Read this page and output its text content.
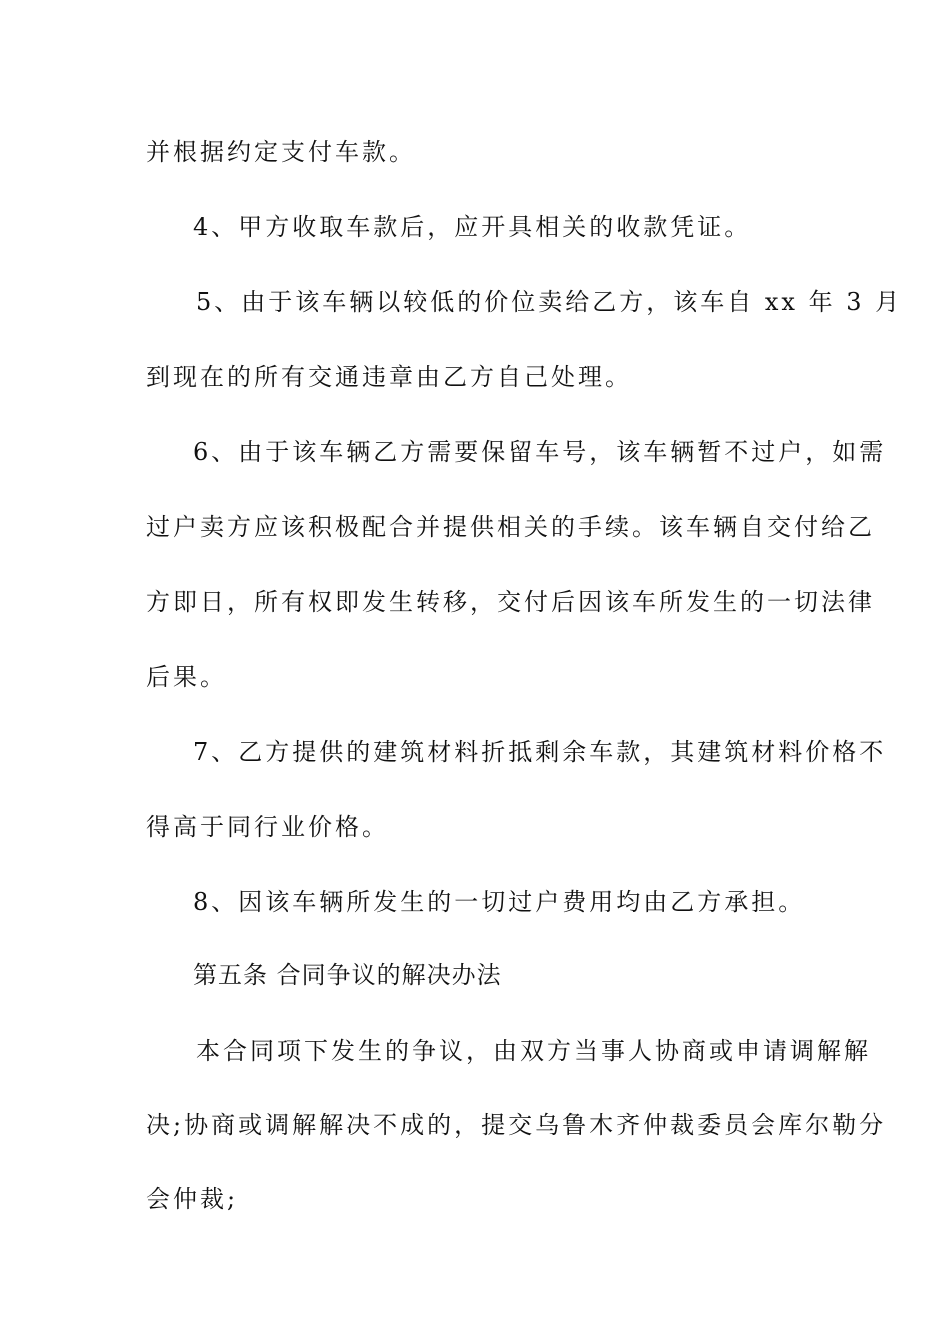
并根据约定支付车款。
4、甲方收取车款后，应开具相关的收款凭证。
5、由于该车辆以较低的价位卖给乙方，该车自 xx 年 3 月
到现在的所有交通违章由乙方自己处理。
6、由于该车辆乙方需要保留车号，该车辆暂不过户，如需
过户卖方应该积极配合并提供相关的手续。该车辆自交付给乙
方即日，所有权即发生转移，交付后因该车所发生的一切法律
后果。
7、乙方提供的建筑材料折抵剩余车款，其建筑材料价格不
得高于同行业价格。
8、因该车辆所发生的一切过户费用均由乙方承担。
第五条 合同争议的解决办法
本合同项下发生的争议，由双方当事人协商或申请调解解
决;协商或调解解决不成的，提交乌鲁木齐仲裁委员会库尔勒分
会仲裁;
